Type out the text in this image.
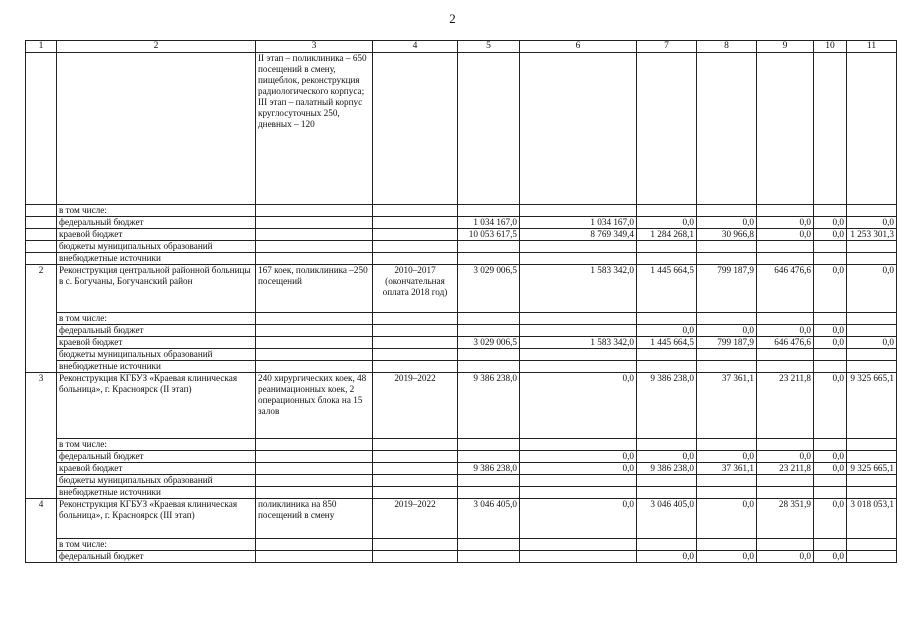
2
1	2	3	4	5	6	7	8	9	10	11
		II этап – поликлиника – 650 посещений в смену, пищеблок, реконструкция радиологического корпуса; III этап – палатный корпус круглосуточных 250, дневных – 120								
	в том числе:									
	федеральный бюджет			1 034 167,0	1 034 167,0	0,0	0,0	0,0	0,0	0,0
	краевой бюджет			10 053 617,5	8 769 349,4	1 284 268,1	30 966,8	0,0	0,0	1 253 301,3
	бюджеты муниципальных образований									
	внебюджетные источники									
2	Реконструкция центральной районной больницы в с. Богучаны, Богучанский район	167 коек, поликлиника –250 посещений	2010–2017 (окончательная оплата 2018 год)	3 029 006,5	1 583 342,0	1 445 664,5	799 187,9	646 476,6	0,0	0,0
	в том числе:									
	федеральный бюджет					0,0	0,0	0,0	0,0	
	краевой бюджет			3 029 006,5	1 583 342,0	1 445 664,5	799 187,9	646 476,6	0,0	0,0
	бюджеты муниципальных образований									
	внебюджетные источники									
3	Реконструкция КГБУЗ «Краевая клиническая больница», г. Красноярск (II этап)	240 хирургических коек, 48 реанимационных коек, 2 операционных блока на 15 залов	2019–2022	9 386 238,0	0,0	9 386 238,0	37 361,1	23 211,8	0,0	9 325 665,1
	в том числе:									
	федеральный бюджет				0,0	0,0	0,0	0,0	0,0	
	краевой бюджет			9 386 238,0	0,0	9 386 238,0	37 361,1	23 211,8	0,0	9 325 665,1
	бюджеты муниципальных образований									
	внебюджетные источники									
4	Реконструкция КГБУЗ «Краевая клиническая больница», г. Красноярск (III этап)	поликлиника на 850 посещений в смену	2019–2022	3 046 405,0	0,0	3 046 405,0	0,0	28 351,9	0,0	3 018 053,1
	в том числе:									
	федеральный бюджет					0,0	0,0	0,0	0,0	
